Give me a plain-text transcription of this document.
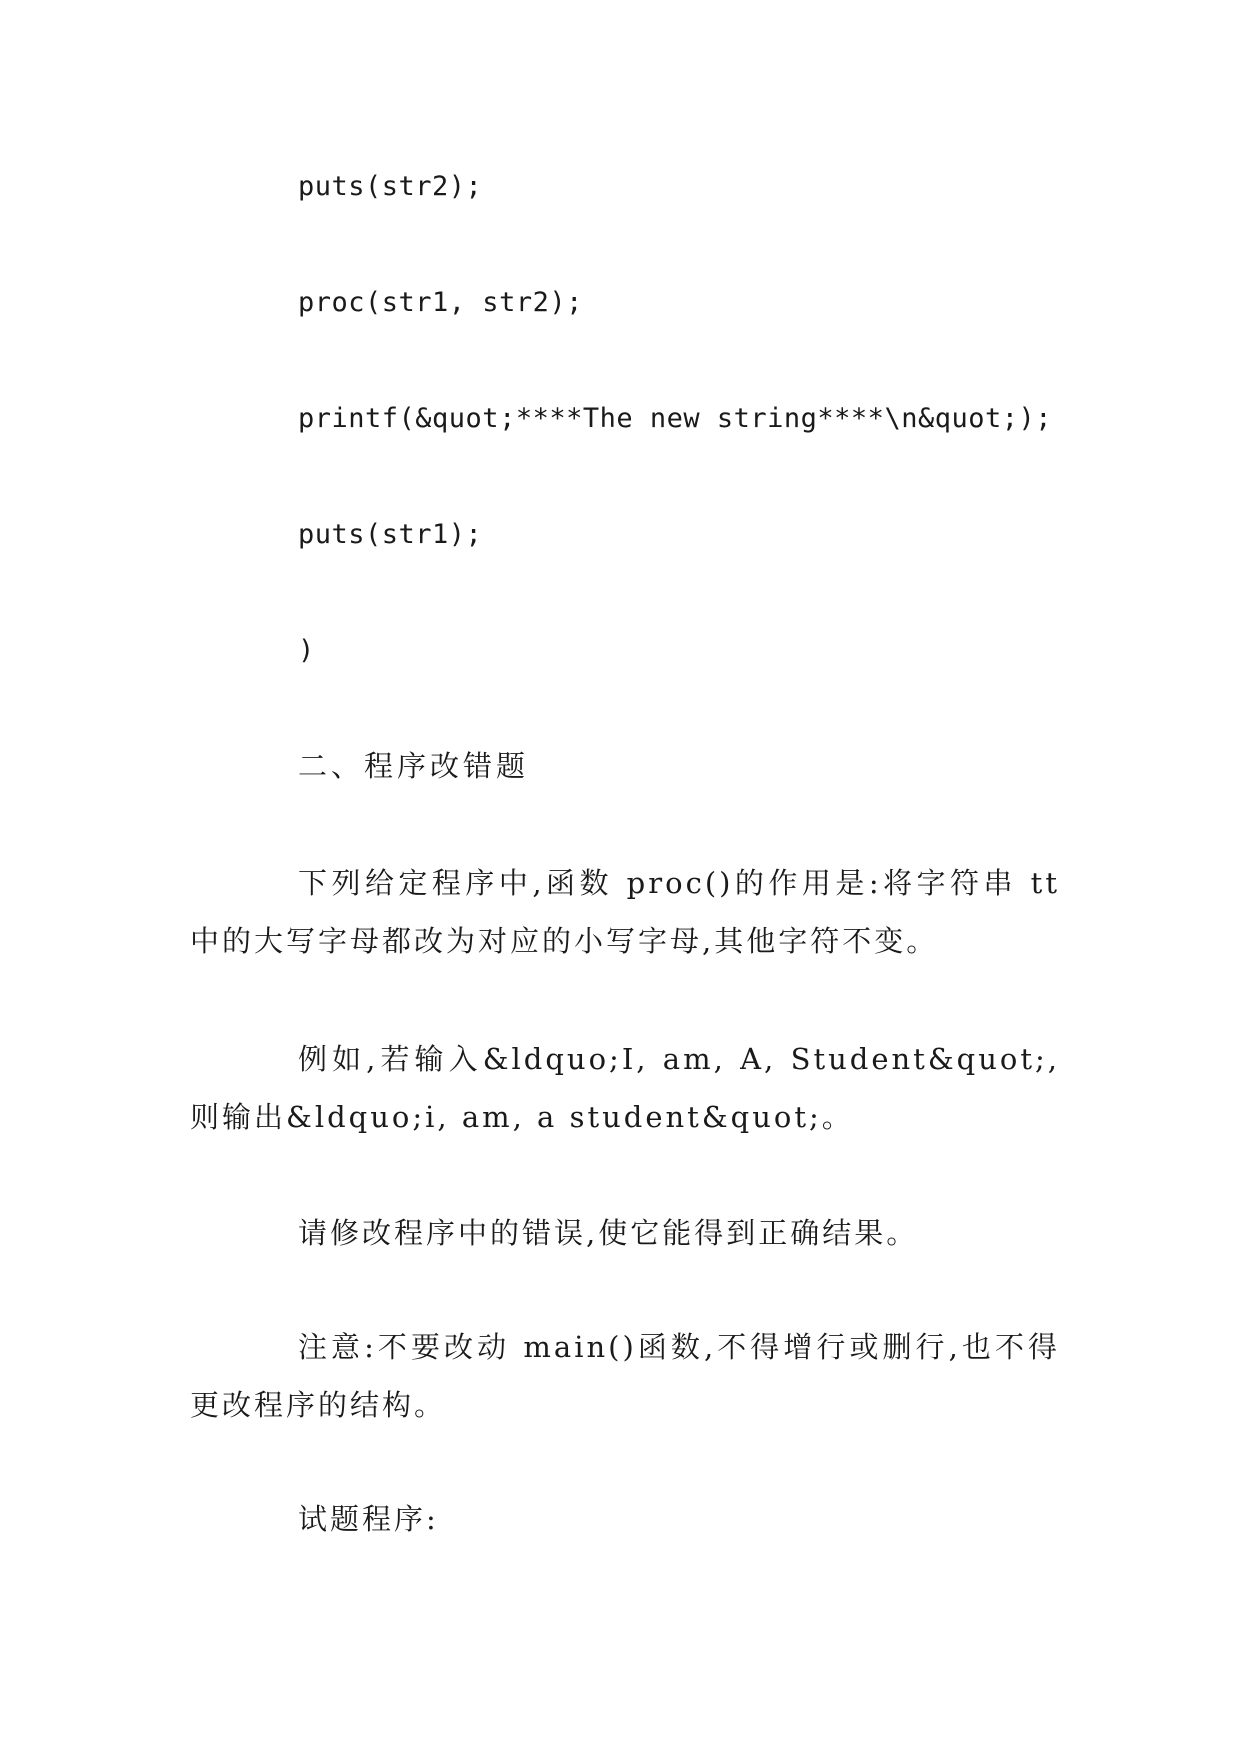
puts(str2);
proc(str1, str2);
printf(&quot;****The new string****\n&quot;);
puts(str1);
)
二、程序改错题
下列给定程序中,函数 proc()的作用是:将字符串 tt 中的大写字母都改为对应的小写字母,其他字符不变。
例如,若输入&ldquo;I, am, A, Student&quot;,则输出&ldquo;i, am, a student&quot;。
请修改程序中的错误,使它能得到正确结果。
注意:不要改动 main()函数,不得增行或删行,也不得更改程序的结构。
试题程序:
